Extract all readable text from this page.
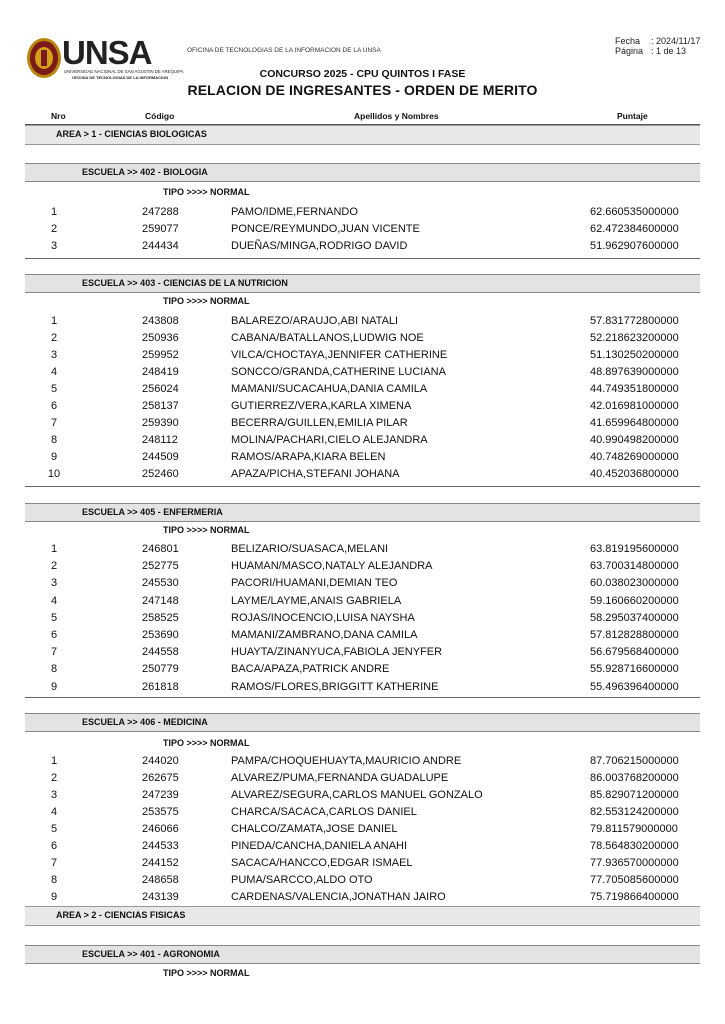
UNSA
UNIVERSIDAD NACIONAL DE SAN AGUSTIN DE AREQUIPA
OFICINA DE TECNOLOGIAS DE LA INFORMACION
OFICINA DE TECNOLOGIAS DE LA INFORMACION DE LA UNSA
Fecha : 2024/11/17
Página : 1 de 13
CONCURSO 2025 - CPU QUINTOS I FASE
RELACION DE INGRESANTES - ORDEN DE MERITO
Nro	Código	Apellidos y Nombres	Puntaje
AREA > 1 - CIENCIAS BIOLOGICAS
ESCUELA >> 402 - BIOLOGIA
TIPO >>>> NORMAL
1	247288	PAMO/IDME,FERNANDO	62.660535000000
2	259077	PONCE/REYMUNDO,JUAN VICENTE	62.472384600000
3	244434	DUEÑAS/MINGA,RODRIGO DAVID	51.962907600000
ESCUELA >> 403 - CIENCIAS DE LA NUTRICION
TIPO >>>> NORMAL
1	243808	BALAREZO/ARAUJO,ABI NATALI	57.831772800000
2	250936	CABANA/BATALLANOS,LUDWIG NOE	52.218623200000
3	259952	VILCA/CHOCTAYA,JENNIFER CATHERINE	51.130250200000
4	248419	SONCCO/GRANDA,CATHERINE LUCIANA	48.897639000000
5	256024	MAMANI/SUCACAHUA,DANIA CAMILA	44.749351800000
6	258137	GUTIERREZ/VERA,KARLA XIMENA	42.016981000000
7	259390	BECERRA/GUILLEN,EMILIA PILAR	41.659964800000
8	248112	MOLINA/PACHARI,CIELO ALEJANDRA	40.990498200000
9	244509	RAMOS/ARAPA,KIARA BELEN	40.748269000000
10	252460	APAZA/PICHA,STEFANI JOHANA	40.452036800000
ESCUELA >> 405 - ENFERMERIA
TIPO >>>> NORMAL
1	246801	BELIZARIO/SUASACA,MELANI	63.819195600000
2	252775	HUAMAN/MASCO,NATALY ALEJANDRA	63.700314800000
3	245530	PACORI/HUAMANI,DEMIAN TEO	60.038023000000
4	247148	LAYME/LAYME,ANAIS GABRIELA	59.160660200000
5	258525	ROJAS/INOCENCIO,LUISA NAYSHA	58.295037400000
6	253690	MAMANI/ZAMBRANO,DANA CAMILA	57.812828800000
7	244558	HUAYTA/ZINANYUCA,FABIOLA JENYFER	56.679568400000
8	250779	BACA/APAZA,PATRICK ANDRE	55.928716600000
9	261818	RAMOS/FLORES,BRIGGITT KATHERINE	55.496396400000
ESCUELA >> 406 - MEDICINA
TIPO >>>> NORMAL
1	244020	PAMPA/CHOQUEHUAYTA,MAURICIO ANDRE	87.706215000000
2	262675	ALVAREZ/PUMA,FERNANDA GUADALUPE	86.003768200000
3	247239	ALVAREZ/SEGURA,CARLOS MANUEL GONZALO	85.829071200000
4	253575	CHARCA/SACACA,CARLOS DANIEL	82.553124200000
5	246066	CHALCO/ZAMATA,JOSE DANIEL	79.811579000000
6	244533	PINEDA/CANCHA,DANIELA ANAHI	78.564830200000
7	244152	SACACA/HANCCO,EDGAR ISMAEL	77.936570000000
8	248658	PUMA/SARCCO,ALDO OTO	77.705085600000
9	243139	CARDENAS/VALENCIA,JONATHAN JAIRO	75.719866400000
AREA > 2 - CIENCIAS FISICAS
ESCUELA >> 401 - AGRONOMIA
TIPO >>>> NORMAL
